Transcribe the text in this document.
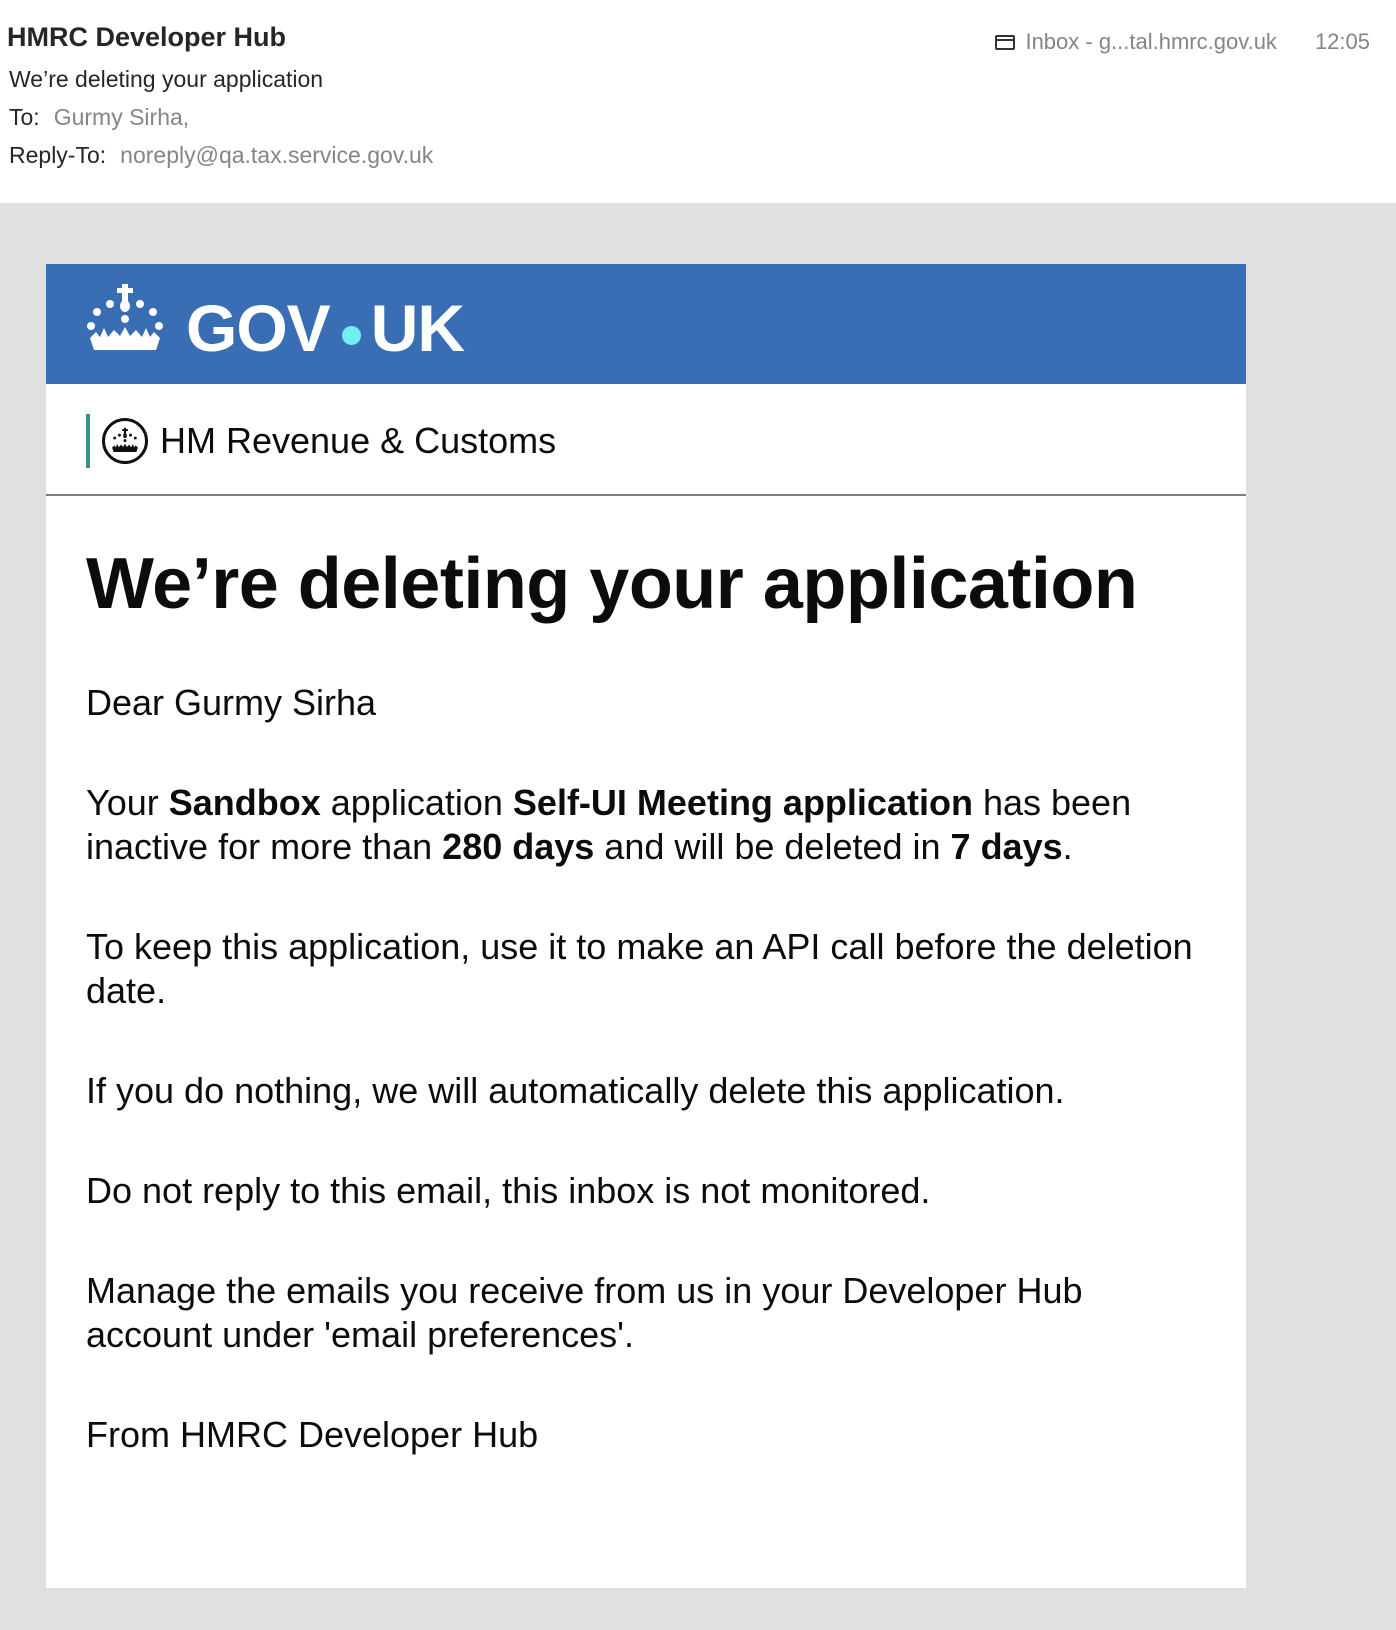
HMRC Developer Hub
We’re deleting your application
To: Gurmy Sirha,
Reply-To: noreply@qa.tax.service.gov.uk
Inbox - g...tal.hmrc.gov.uk 12:05
GOV UK
HM Revenue & Customs
We’re deleting your application

Dear Gurmy Sirha

Your Sandbox application Self-UI Meeting application has been inactive for more than 280 days and will be deleted in 7 days.

To keep this application, use it to make an API call before the deletion date.

If you do nothing, we will automatically delete this application.

Do not reply to this email, this inbox is not monitored.

Manage the emails you receive from us in your Developer Hub account under 'email preferences'.

From HMRC Developer Hub
